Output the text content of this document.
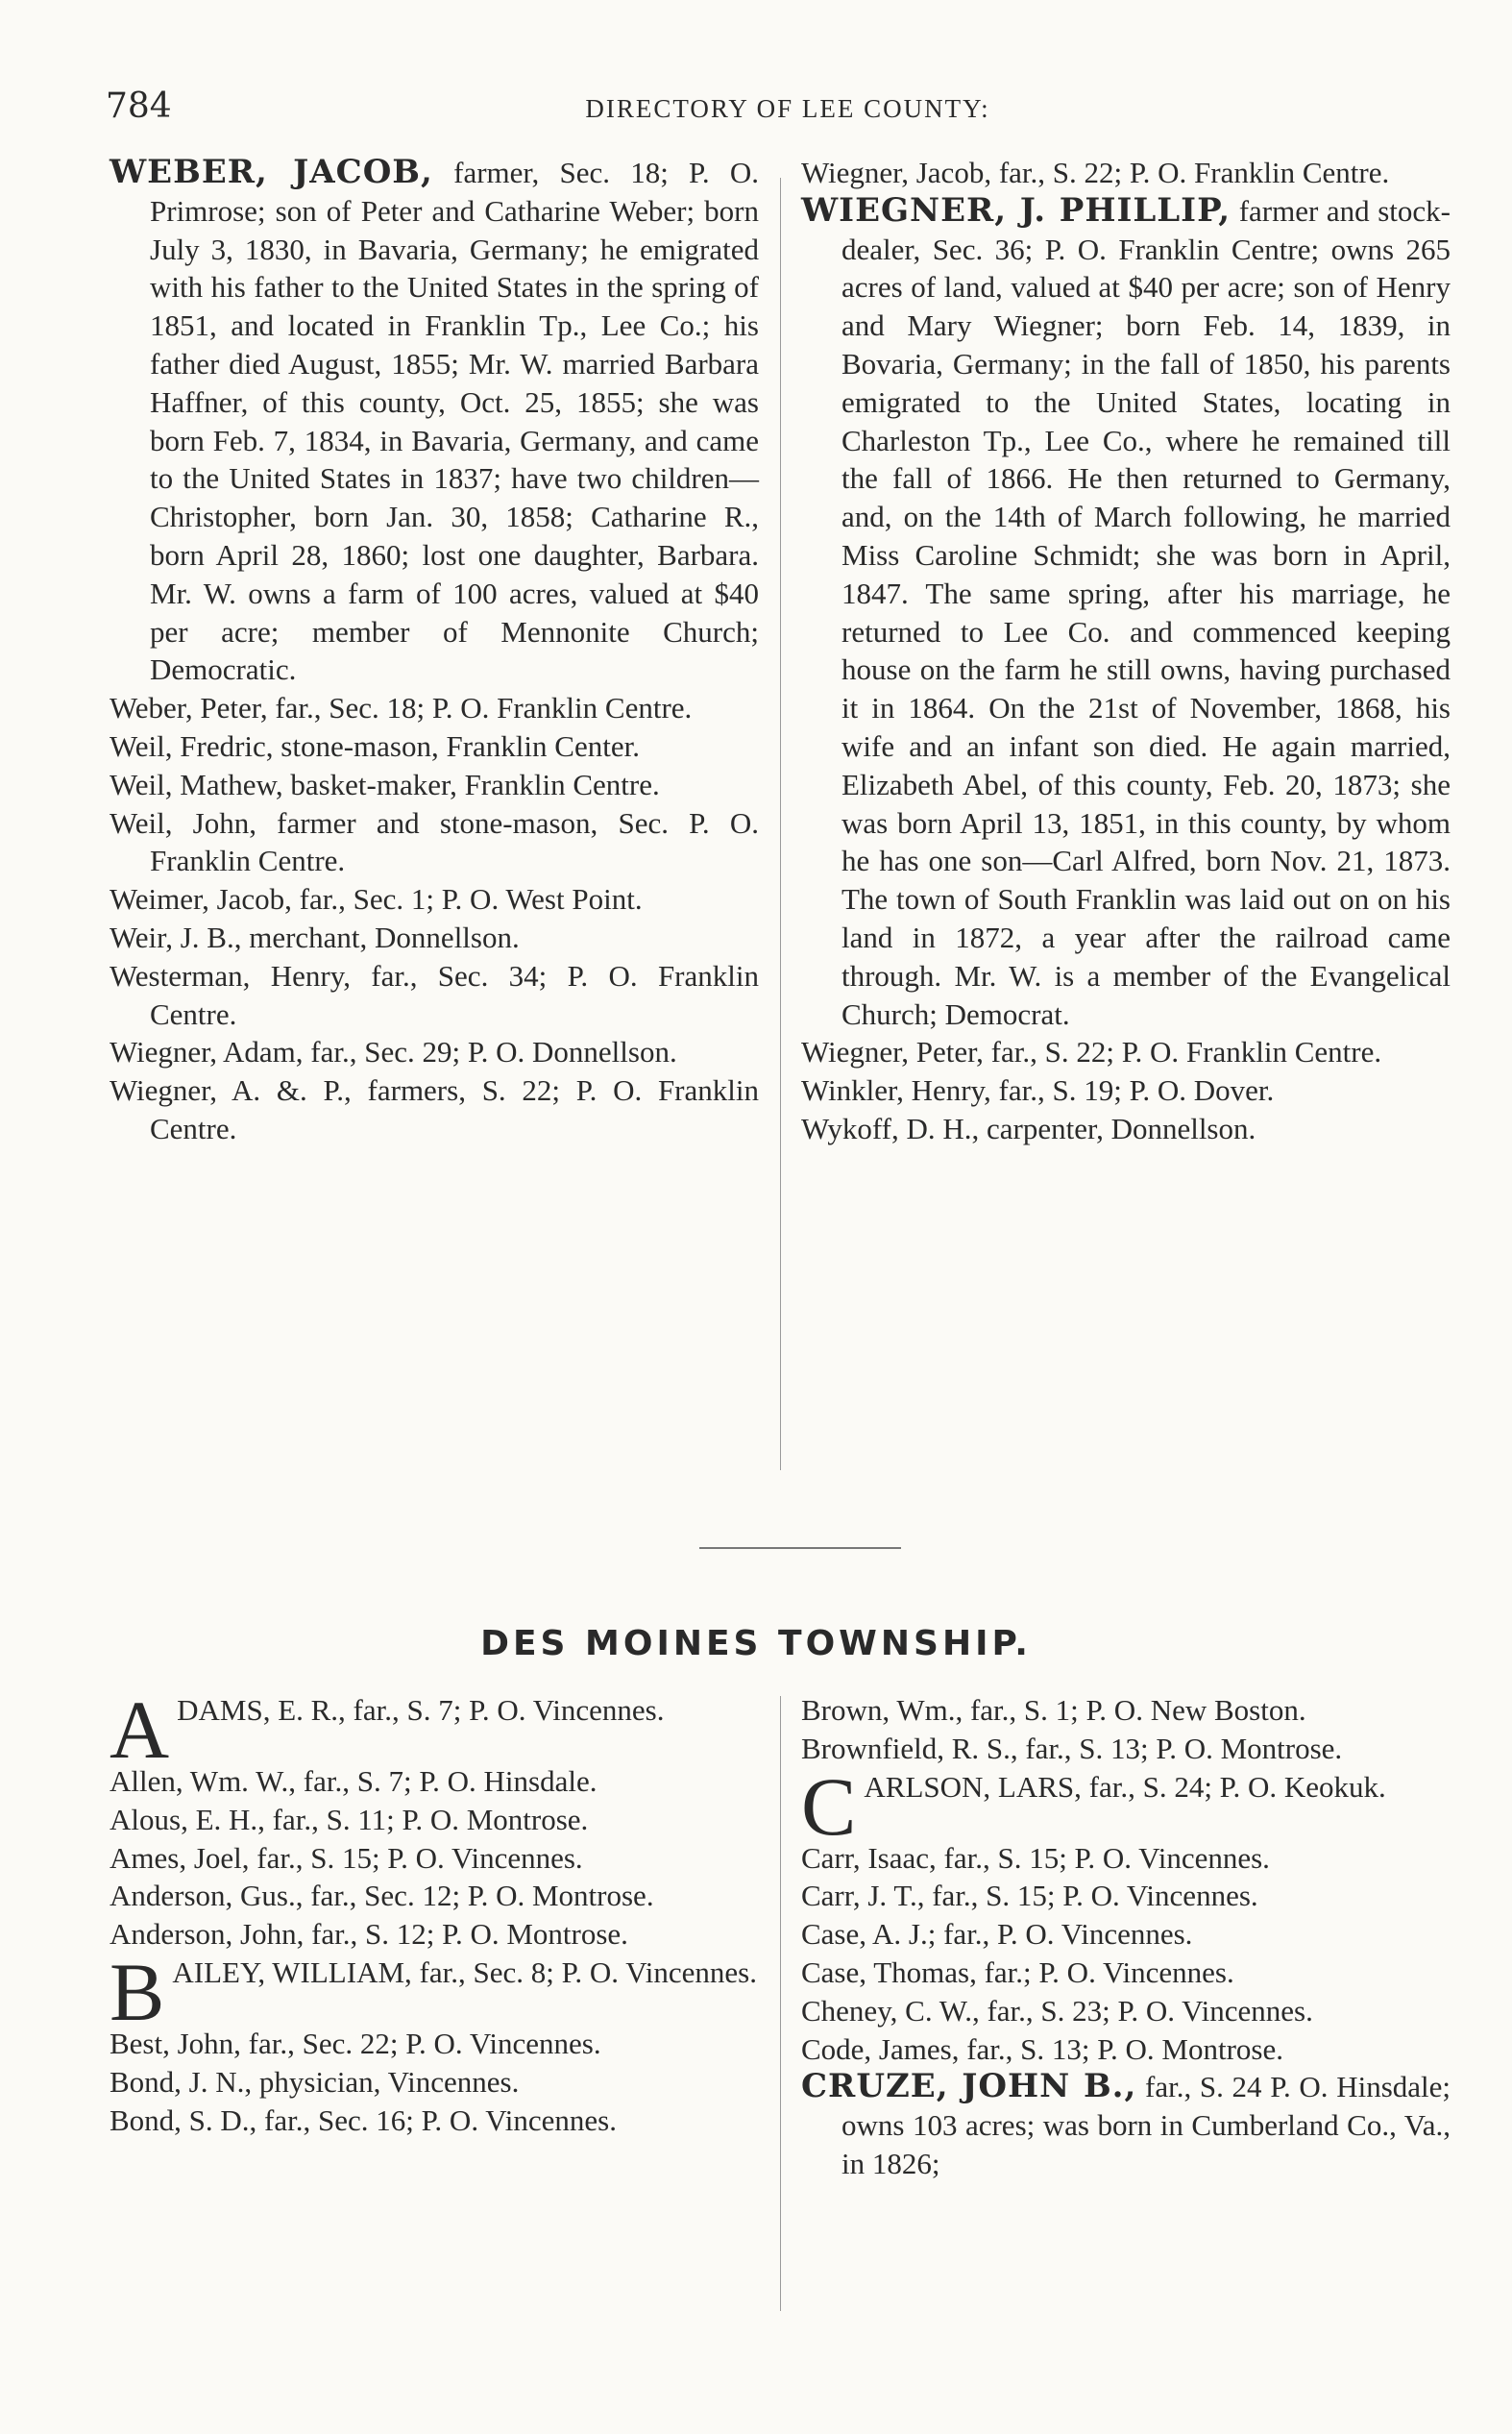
784	DIRECTORY OF LEE COUNTY:

WEBER, JACOB, farmer, Sec. 18; P. O. Primrose; son of Peter and Catharine Weber; born July 3, 1830, in Bavaria, Germany; he emigrated with his father to the United States in the spring of 1851, and located in Franklin Tp., Lee Co.; his father died August, 1855; Mr. W. married Barbara Haffner, of this county, Oct. 25, 1855; she was born Feb. 7, 1834, in Bavaria, Germany, and came to the United States in 1837; have two children—Christopher, born Jan. 30, 1858; Catharine R., born April 28, 1860; lost one daughter, Barbara. Mr. W. owns a farm of 100 acres, valued at $40 per acre; member of Mennonite Church; Democratic.

Weber, Peter, far., Sec. 18; P. O. Franklin Centre.

Weil, Fredric, stone-mason, Franklin Center.

Weil, Mathew, basket-maker, Franklin Centre.

Weil, John, farmer and stone-mason, Sec. P. O. Franklin Centre.

Weimer, Jacob, far., Sec. 1; P. O. West Point.

Weir, J. B., merchant, Donnellson.

Westerman, Henry, far., Sec. 34; P. O. Franklin Centre.

Wiegner, Adam, far., Sec. 29; P. O. Donnellson.

Wiegner, A. &. P., farmers, S. 22; P. O. Franklin Centre.

Wiegner, Jacob, far., S. 22; P. O. Franklin Centre.

WIEGNER, J. PHILLIP, farmer and stock-dealer, Sec. 36; P. O. Franklin Centre; owns 265 acres of land, valued at $40 per acre; son of Henry and Mary Wiegner; born Feb. 14, 1839, in Bovaria, Germany; in the fall of 1850, his parents emigrated to the United States, locating in Charleston Tp., Lee Co., where he remained till the fall of 1866. He then returned to Germany, and, on the 14th of March following, he married Miss Caroline Schmidt; she was born in April, 1847. The same spring, after his marriage, he returned to Lee Co. and commenced keeping house on the farm he still owns, having purchased it in 1864. On the 21st of November, 1868, his wife and an infant son died. He again married, Elizabeth Abel, of this county, Feb. 20, 1873; she was born April 13, 1851, in this county, by whom he has one son—Carl Alfred, born Nov. 21, 1873. The town of South Franklin was laid out on on his land in 1872, a year after the railroad came through. Mr. W. is a member of the Evangelical Church; Democrat.

Wiegner, Peter, far., S. 22; P. O. Franklin Centre.

Winkler, Henry, far., S. 19; P. O. Dover.

Wykoff, D. H., carpenter, Donnellson.

DES MOINES TOWNSHIP.

ADAMS, E. R., far., S. 7; P. O. Vincennes.

Allen, Wm. W., far., S. 7; P. O. Hinsdale.

Alous, E. H., far., S. 11; P. O. Montrose.

Ames, Joel, far., S. 15; P. O. Vincennes.

Anderson, Gus., far., Sec. 12; P. O. Montrose.

Anderson, John, far., S. 12; P. O. Montrose.

BAILEY, WILLIAM, far., Sec. 8; P. O. Vincennes.

Best, John, far., Sec. 22; P. O. Vincennes.

Bond, J. N., physician, Vincennes.

Bond, S. D., far., Sec. 16; P. O. Vincennes.

Brown, Wm., far., S. 1; P. O. New Boston.

Brownfield, R. S., far., S. 13; P. O. Montrose.

CARLSON, LARS, far., S. 24; P. O. Keokuk.

Carr, Isaac, far., S. 15; P. O. Vincennes.

Carr, J. T., far., S. 15; P. O. Vincennes.

Case, A. J.; far., P. O. Vincennes.

Case, Thomas, far.; P. O. Vincennes.

Cheney, C. W., far., S. 23; P. O. Vincennes.

Code, James, far., S. 13; P. O. Montrose.

CRUZE, JOHN B., far., S. 24 P. O. Hinsdale; owns 103 acres; was born in Cumberland Co., Va., in 1826;
